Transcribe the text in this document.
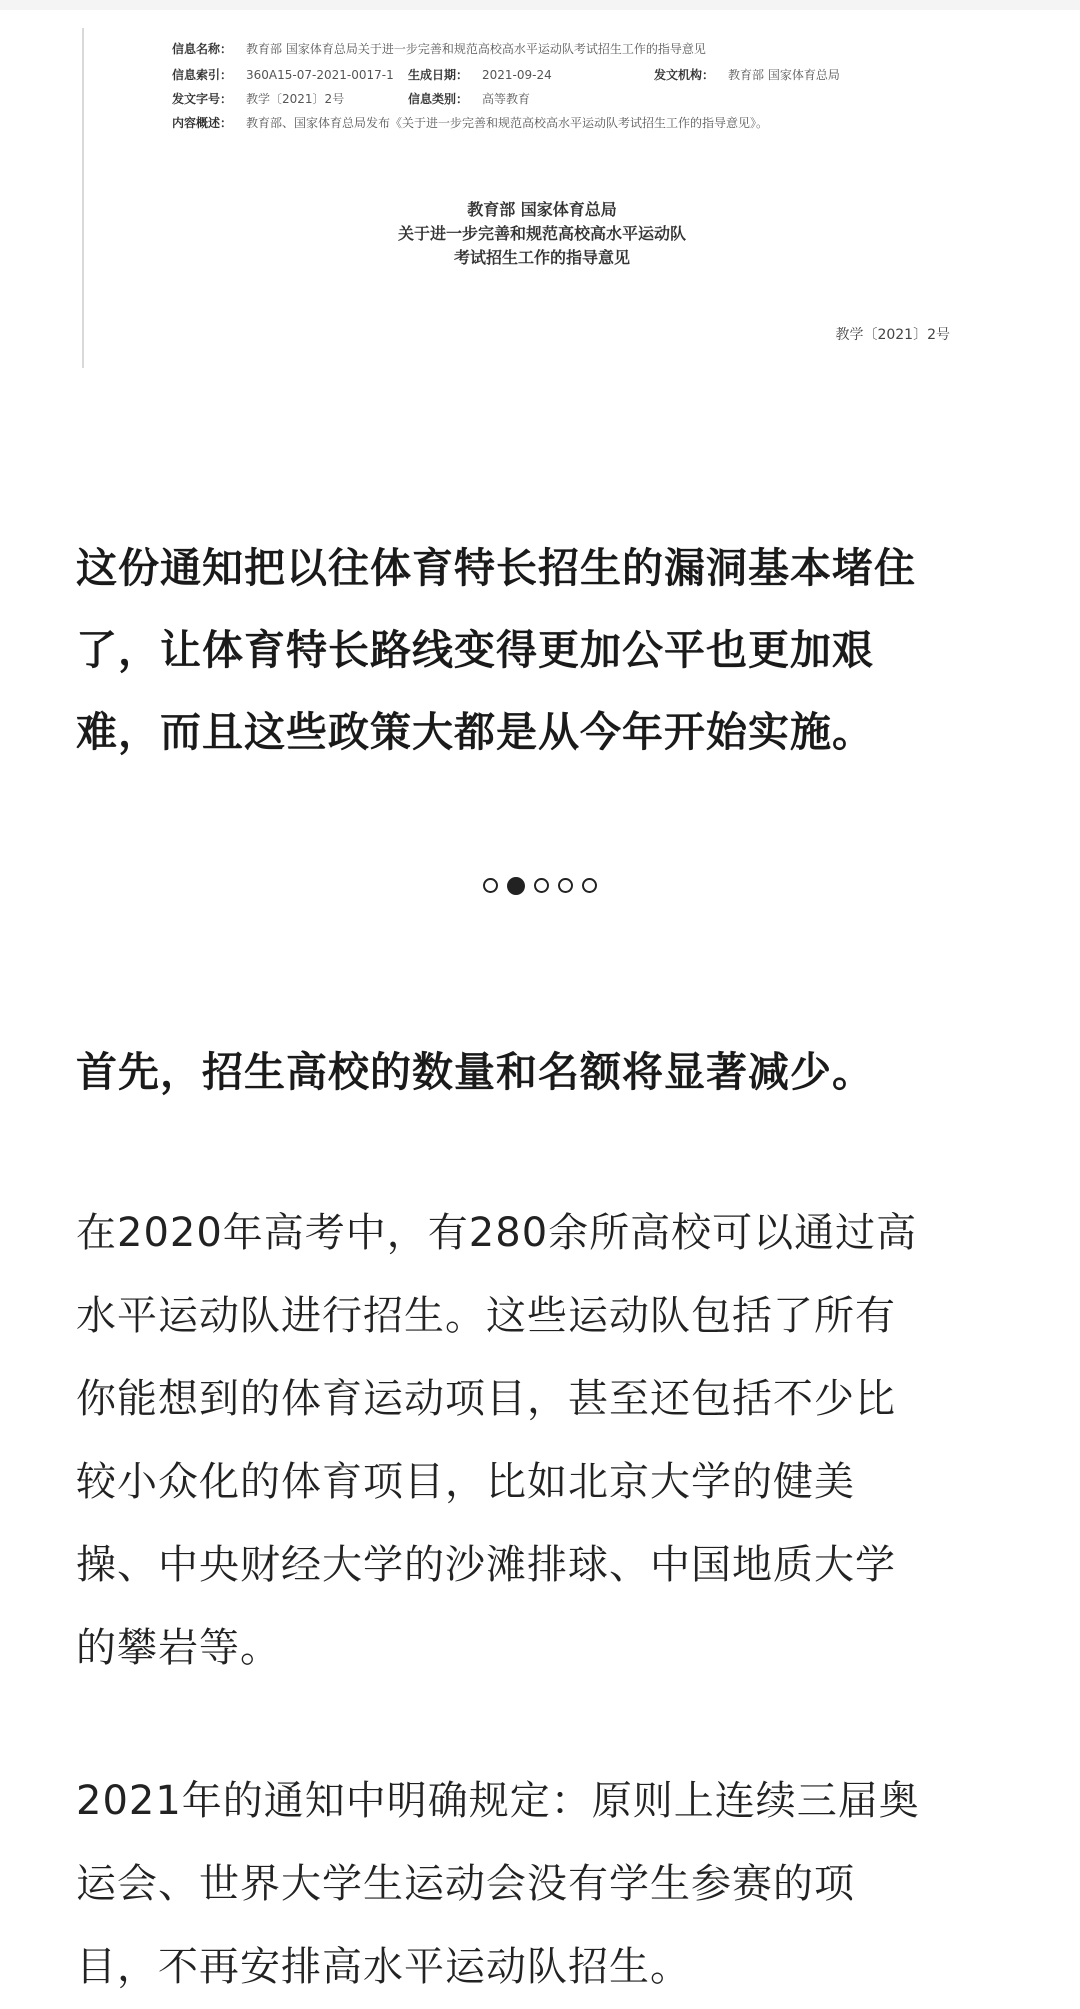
信息名称： 教育部 国家体育总局关于进一步完善和规范高校高水平运动队考试招生工作的指导意见
信息索引： 360A15-07-2021-0017-1 生成日期： 2021-09-24	发文机构： 教育部 国家体育总局
发文字号： 教学〔2021〕2号	信息类别： 高等教育
内容概述： 教育部、国家体育总局发布《关于进一步完善和规范高校高水平运动队考试招生工作的指导意见》。
教育部 国家体育总局
关于进一步完善和规范高校高水平运动队
考试招生工作的指导意见
教学〔2021〕2号
这份通知把以往体育特长招生的漏洞基本堵住
了，让体育特长路线变得更加公平也更加艰
难，而且这些政策大都是从今年开始实施。

首先，招生高校的数量和名额将显著减少。
在2020年高考中，有280余所高校可以通过高
水平运动队进行招生。这些运动队包括了所有
你能想到的体育运动项目，甚至还包括不少比
较小众化的体育项目，比如北京大学的健美
操、中央财经大学的沙滩排球、中国地质大学
的攀岩等。
2021年的通知中明确规定：原则上连续三届奥
运会、世界大学生运动会没有学生参赛的项
目，不再安排高水平运动队招生。
